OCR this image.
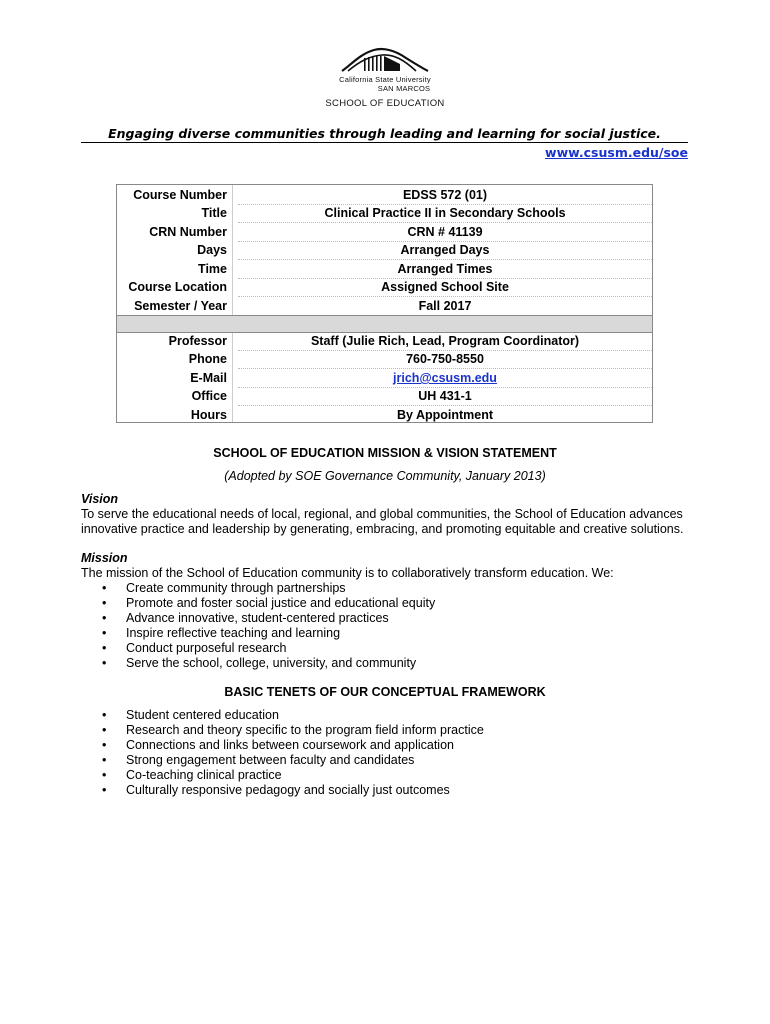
California State University
SAN MARCOS
SCHOOL OF EDUCATION
Engaging diverse communities through leading and learning for social justice.
www.csusm.edu/soe
Course Number	EDSS 572 (01)
Title	Clinical Practice II in Secondary Schools
CRN Number	CRN # 41139
Days	Arranged Days
Time	Arranged Times
Course Location	Assigned School Site
Semester / Year	Fall 2017
Professor	Staff (Julie Rich, Lead, Program Coordinator)
Phone	760-750-8550
E-Mail	jrich@csusm.edu
Office	UH 431-1
Hours	By Appointment
SCHOOL OF EDUCATION MISSION & VISION STATEMENT
(Adopted by SOE Governance Community, January 2013)
Vision
To serve the educational needs of local, regional, and global communities, the School of Education advances innovative practice and leadership by generating, embracing, and promoting equitable and creative solutions.
Mission
The mission of the School of Education community is to collaboratively transform education. We:
• Create community through partnerships
• Promote and foster social justice and educational equity
• Advance innovative, student-centered practices
• Inspire reflective teaching and learning
• Conduct purposeful research
• Serve the school, college, university, and community
BASIC TENETS OF OUR CONCEPTUAL FRAMEWORK
• Student centered education
• Research and theory specific to the program field inform practice
• Connections and links between coursework and application
• Strong engagement between faculty and candidates
• Co-teaching clinical practice
• Culturally responsive pedagogy and socially just outcomes
